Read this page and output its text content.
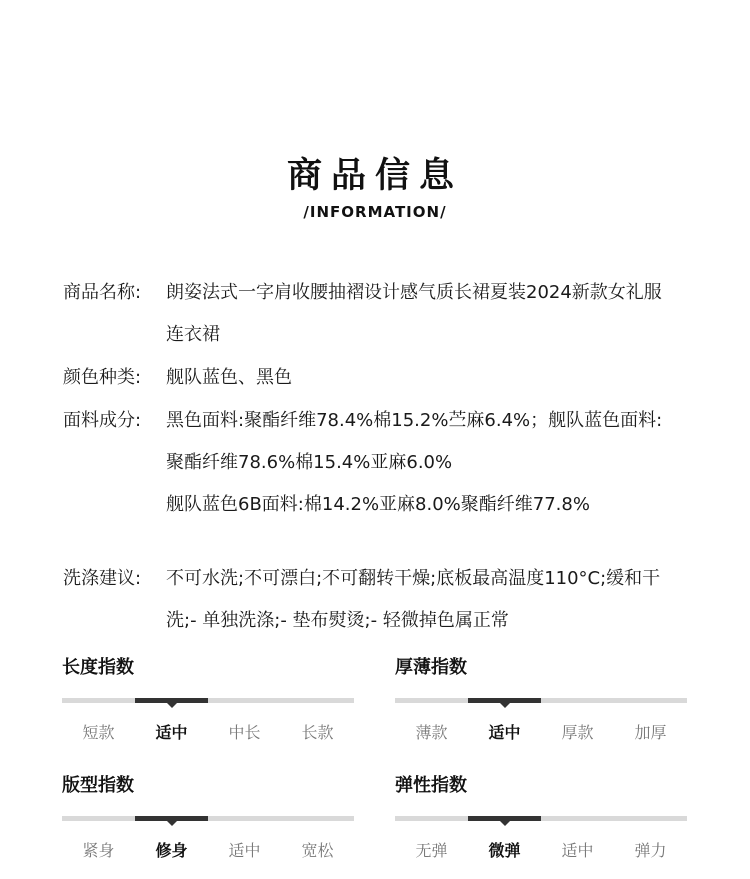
商品信息
/INFORMATION/
商品名称: 朗姿法式一字肩收腰抽褶设计感气质长裙夏装2024新款女礼服
连衣裙
颜色种类: 舰队蓝色、黑色
面料成分: 黑色面料:聚酯纤维78.4%棉15.2%苎麻6.4%；舰队蓝色面料:
聚酯纤维78.6%棉15.4%亚麻6.0%
舰队蓝色6B面料:棉14.2%亚麻8.0%聚酯纤维77.8%
洗涤建议: 不可水洗;不可漂白;不可翻转干燥;底板最高温度110°C;缓和干
洗;- 单独洗涤;- 垫布熨烫;- 轻微掉色属正常
长度指数
短款	适中	中长	长款
厚薄指数
薄款	适中	厚款	加厚
版型指数
紧身	修身	适中	宽松
弹性指数
无弹	微弹	适中	弹力
